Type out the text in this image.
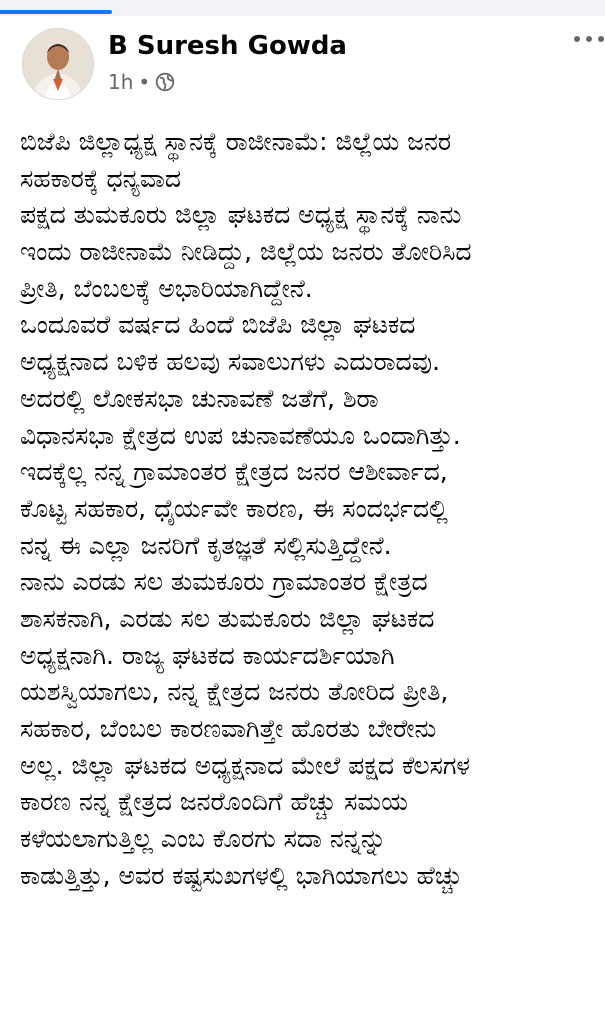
B Suresh Gowda
1h •
ಬಿಜೆಪಿ ಜಿಲ್ಲಾಧ್ಯಕ್ಷ ಸ್ಥಾನಕ್ಕೆ ರಾಜೀನಾಮೆ: ಜಿಲ್ಲೆಯ ಜನರ
ಸಹಕಾರಕ್ಕೆ ಧನ್ಯವಾದ
ಪಕ್ಷದ ತುಮಕೂರು ಜಿಲ್ಲಾ ಘಟಕದ ಅಧ್ಯಕ್ಷ ಸ್ಥಾನಕ್ಕೆ ನಾನು
ಇಂದು ರಾಜೀನಾಮೆ ನೀಡಿದ್ದು, ಜಿಲ್ಲೆಯ ಜನರು ತೋರಿಸಿದ
ಪ್ರೀತಿ, ಬೆಂಬಲಕ್ಕೆ ಅಭಾರಿಯಾಗಿದ್ದೇನೆ.
ಒಂದೂವರೆ ವರ್ಷದ ಹಿಂದೆ ಬಿಜೆಪಿ ಜಿಲ್ಲಾ ಘಟಕದ
ಅಧ್ಯಕ್ಷನಾದ ಬಳಿಕ ಹಲವು ಸವಾಲುಗಳು ಎದುರಾದವು.
ಅದರಲ್ಲಿ ಲೋಕಸಭಾ ಚುನಾವಣೆ ಜತೆಗೆ, ಶಿರಾ
ವಿಧಾನಸಭಾ ಕ್ಷೇತ್ರದ ಉಪ ಚುನಾವಣೆಯೂ ಒಂದಾಗಿತ್ತು.
ಇದಕ್ಕೆಲ್ಲ ನನ್ನ ಗ್ರಾಮಾಂತರ ಕ್ಷೇತ್ರದ ಜನರ ಆಶೀರ್ವಾದ,
ಕೊಟ್ಟ ಸಹಕಾರ, ಧೈರ್ಯವೇ ಕಾರಣ, ಈ ಸಂದರ್ಭದಲ್ಲಿ
ನನ್ನ ಈ ಎಲ್ಲಾ ಜನರಿಗೆ ಕೃತಜ್ಞತೆ ಸಲ್ಲಿಸುತ್ತಿದ್ದೇನೆ.
ನಾನು ಎರಡು ಸಲ ತುಮಕೂರು ಗ್ರಾಮಾಂತರ ಕ್ಷೇತ್ರದ
ಶಾಸಕನಾಗಿ, ಎರಡು ಸಲ ತುಮಕೂರು ಜಿಲ್ಲಾ ಘಟಕದ
ಅಧ್ಯಕ್ಷನಾಗಿ. ರಾಜ್ಯ ಘಟಕದ ಕಾರ್ಯದರ್ಶಿಯಾಗಿ
ಯಶಸ್ವಿಯಾಗಲು, ನನ್ನ ಕ್ಷೇತ್ರದ ಜನರು ತೋರಿದ ಪ್ರೀತಿ,
ಸಹಕಾರ, ಬೆಂಬಲ ಕಾರಣವಾಗಿತ್ತೇ ಹೊರತು ಬೇರೇನು
ಅಲ್ಲ. ಜಿಲ್ಲಾ ಘಟಕದ ಅಧ್ಯಕ್ಷನಾದ ಮೇಲೆ ಪಕ್ಷದ ಕೆಲಸಗಳ
ಕಾರಣ ನನ್ನ ಕ್ಷೇತ್ರದ ಜನರೊಂದಿಗೆ ಹೆಚ್ಚು ಸಮಯ
ಕಳೆಯಲಾಗುತ್ತಿಲ್ಲ ಎಂಬ ಕೊರಗು ಸದಾ ನನ್ನನ್ನು
ಕಾಡುತ್ತಿತ್ತು, ಅವರ ಕಷ್ಟಸುಖಗಳಲ್ಲಿ ಭಾಗಿಯಾಗಲು ಹೆಚ್ಚು
